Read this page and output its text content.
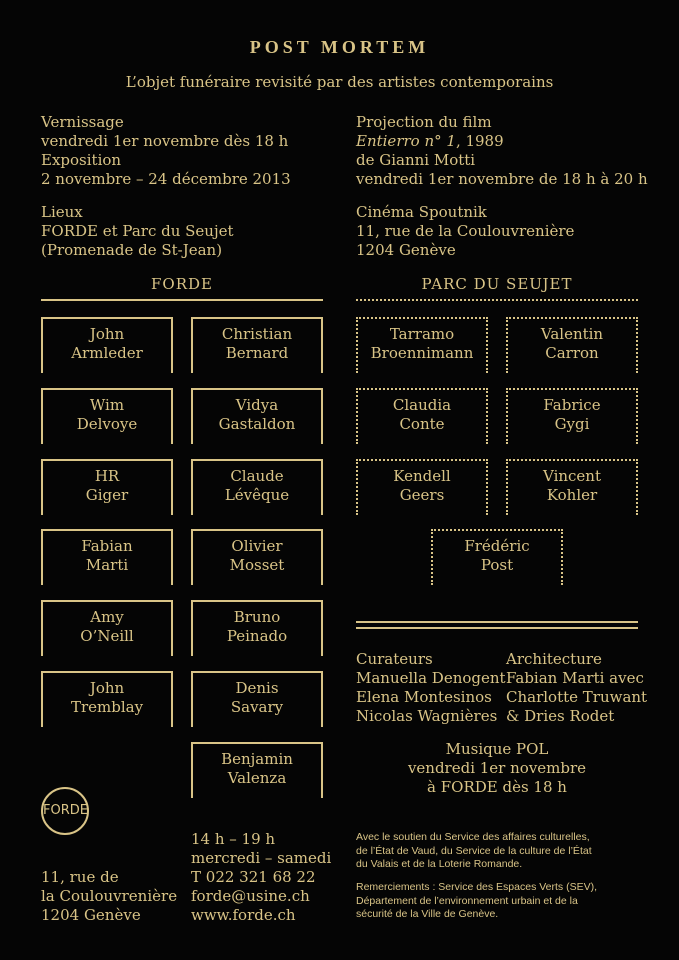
POST MORTEM
L’objet funéraire revisité par des artistes contemporains
Vernissage
vendredi 1er novembre dès 18 h
Exposition
2 novembre – 24 décembre 2013
Lieux
FORDE et Parc du Seujet
(Promenade de St-Jean)
Projection du film
Entierro n° 1, 1989
de Gianni Motti
vendredi 1er novembre de 18 h à 20 h
Cinéma Spoutnik
11, rue de la Coulouvrenière
1204 Genève
FORDE	PARC DU SEUJET
John
Armleder
Christian
Bernard
Wim
Delvoye
Vidya
Gastaldon
HR
Giger
Claude
Lévêque
Fabian
Marti
Olivier
Mosset
Amy
O’Neill
Bruno
Peinado
John
Tremblay
Denis
Savary
Benjamin
Valenza
Tarramo
Broennimann
Valentin
Carron
Claudia
Conte
Fabrice
Gygi
Kendell
Geers
Vincent
Kohler
Frédéric
Post
Curateurs
Manuella Denogent
Elena Montesinos
Nicolas Wagnières
Architecture
Fabian Marti avec
Charlotte Truwant
& Dries Rodet
Musique POL
vendredi 1er novembre
à FORDE dès 18 h
FORDE
11, rue de
la Coulouvrenière
1204 Genève
14 h – 19 h
mercredi – samedi
T 022 321 68 22
forde@usine.ch
www.forde.ch
Avec le soutien du Service des affaires culturelles,
de l’État de Vaud, du Service de la culture de l’État
du Valais et de la Loterie Romande.
Remerciements : Service des Espaces Verts (SEV),
Département de l’environnement urbain et de la
sécurité de la Ville de Genève.
